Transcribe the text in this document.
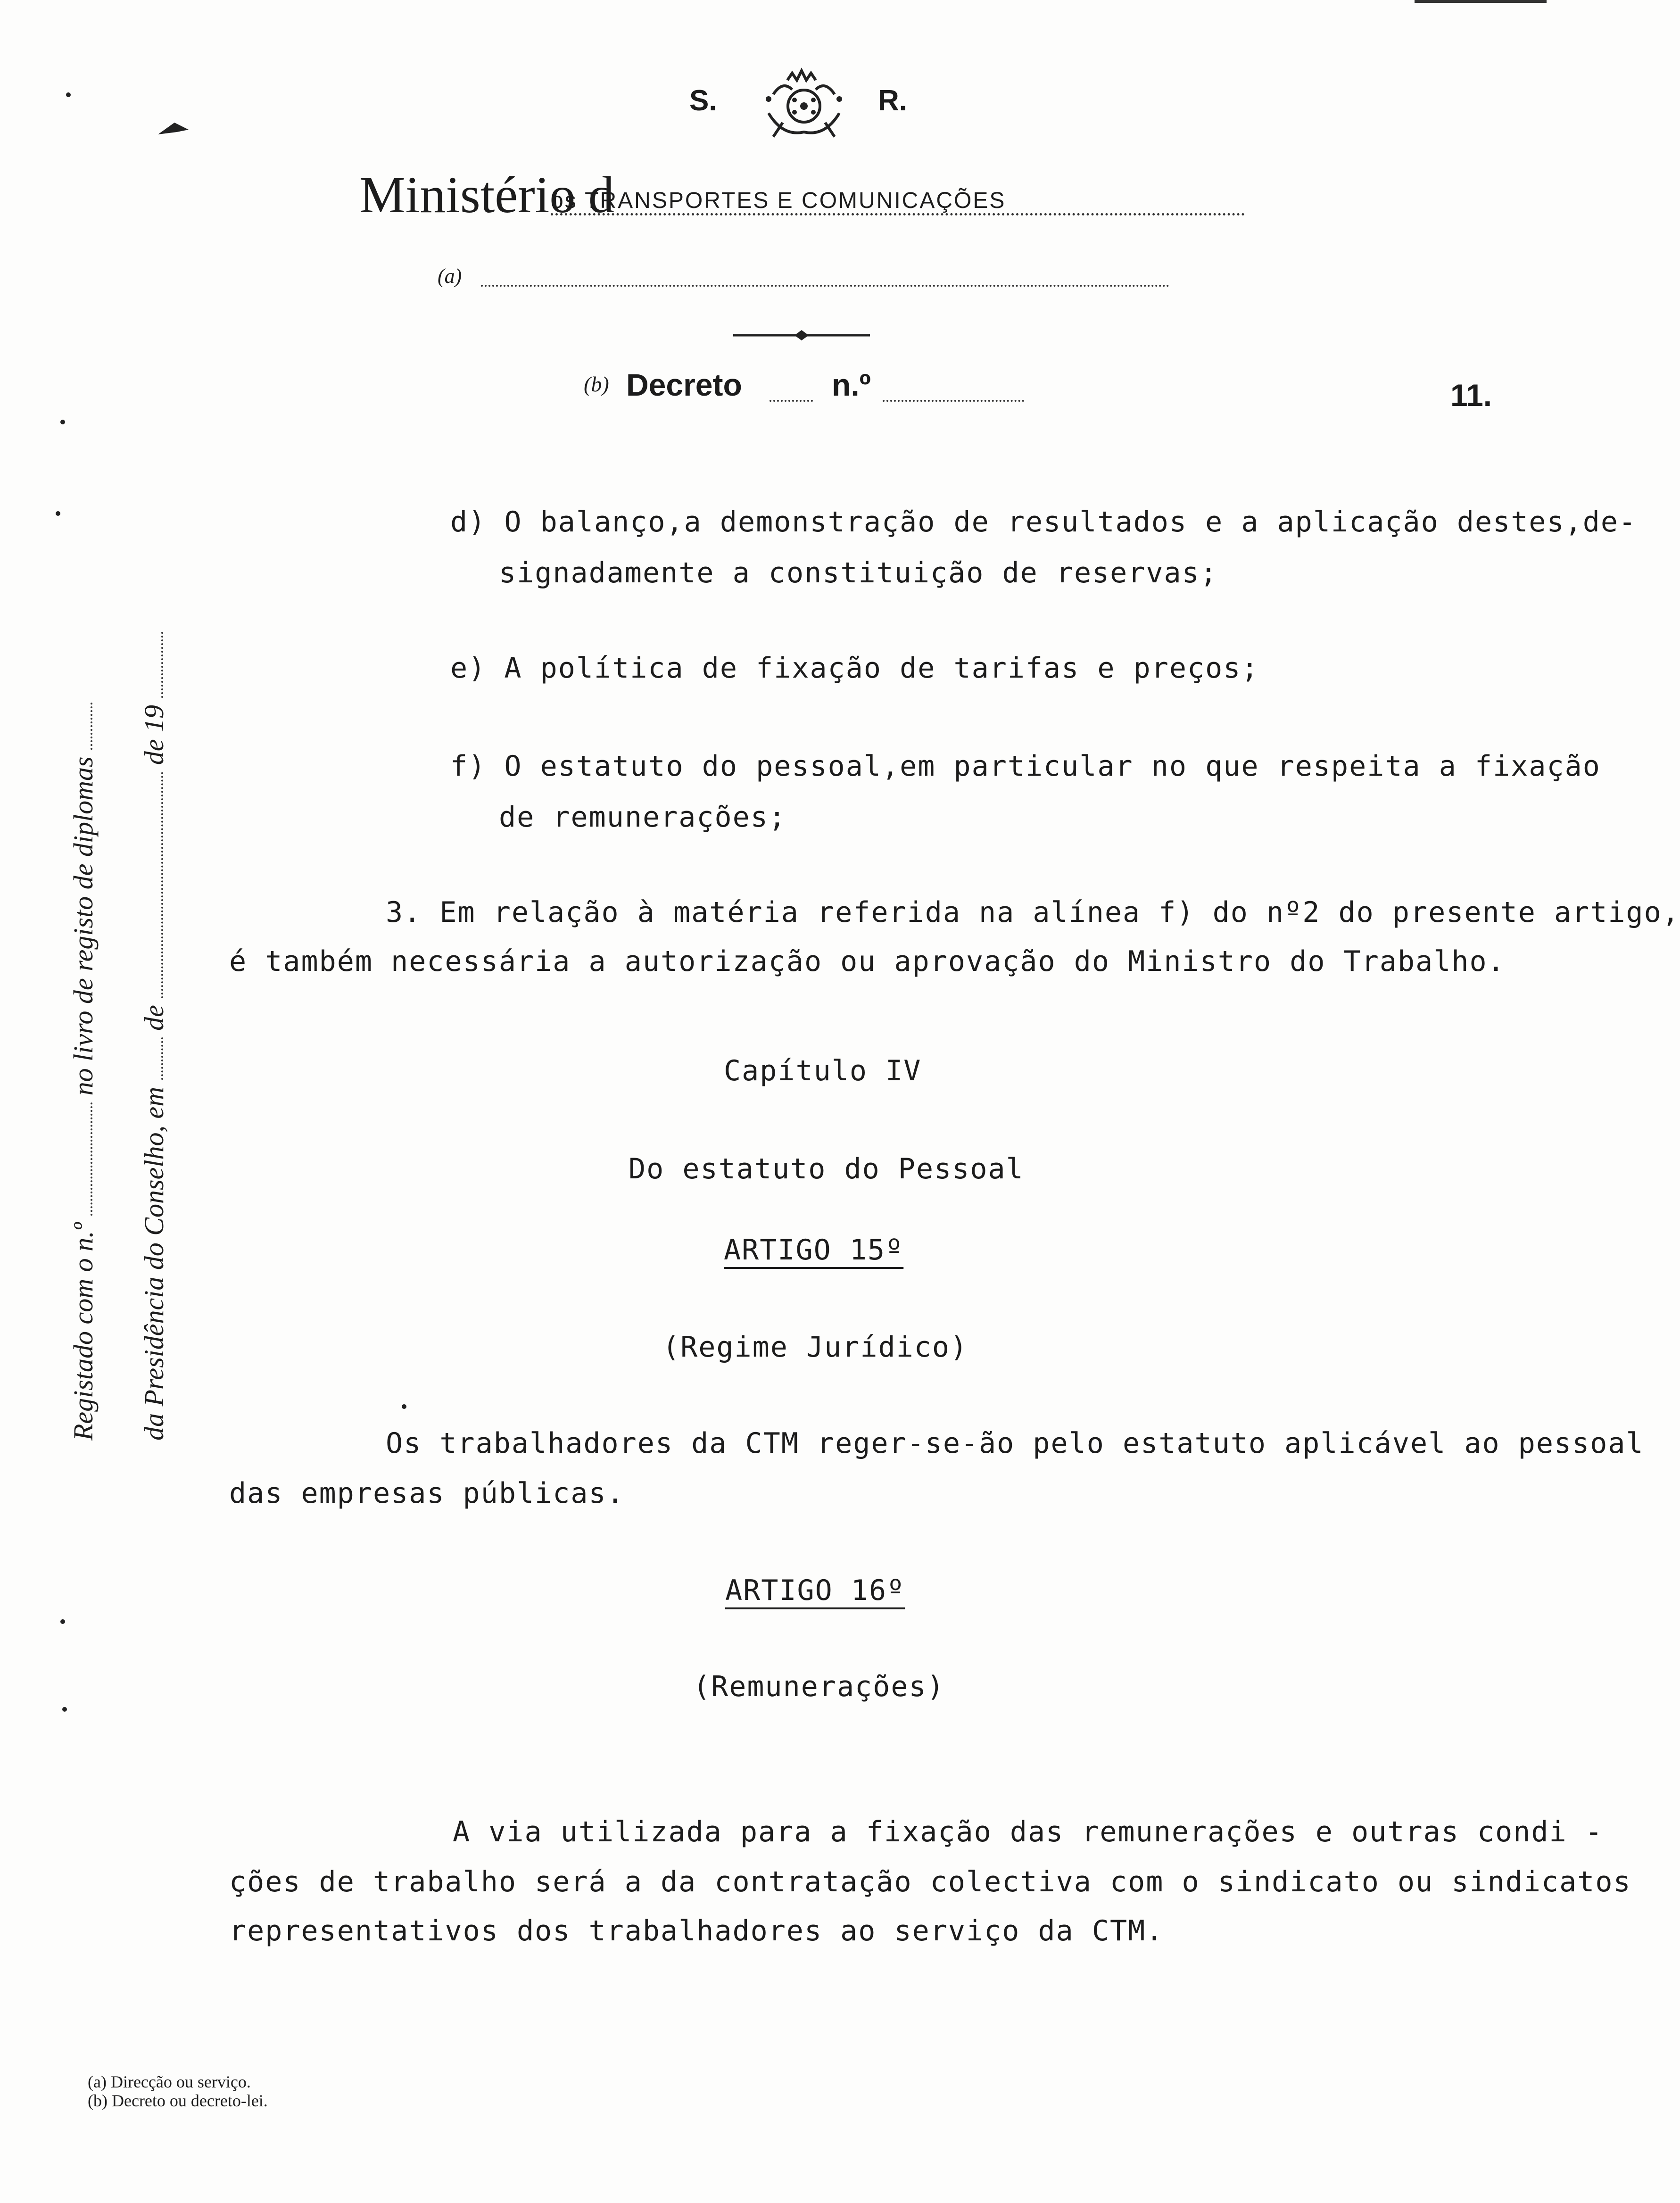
S.	R.
Ministério d
os TRANSPORTES E COMUNICAÇÕES
(a)
(b) Decreto	n.º	11.
Registado com o n.º  no livro de registo de diplomas
da Presidência do Conselho, em  de  de 19
d) O balanço,a demonstração de resultados e a aplicação destes,de-
signadamente a constituição de reservas;
e) A política de fixação de tarifas e preços;
f) O estatuto do pessoal,em particular no que respeita a fixação
de remunerações;
3. Em relação à matéria referida na alínea f) do nº2 do presente artigo,
é também necessária a autorização ou aprovação do Ministro do Trabalho.
Capítulo IV
Do estatuto do Pessoal
ARTIGO 15º
(Regime Jurídico)
Os trabalhadores da CTM reger-se-ão pelo estatuto aplicável ao pessoal
das empresas públicas.
ARTIGO 16º
(Remunerações)
A via utilizada para a fixação das remunerações e outras condi -
ções de trabalho será a da contratação colectiva com o sindicato ou sindicatos
representativos dos trabalhadores ao serviço da CTM.
(a) Direcção ou serviço.
(b) Decreto ou decreto-lei.
